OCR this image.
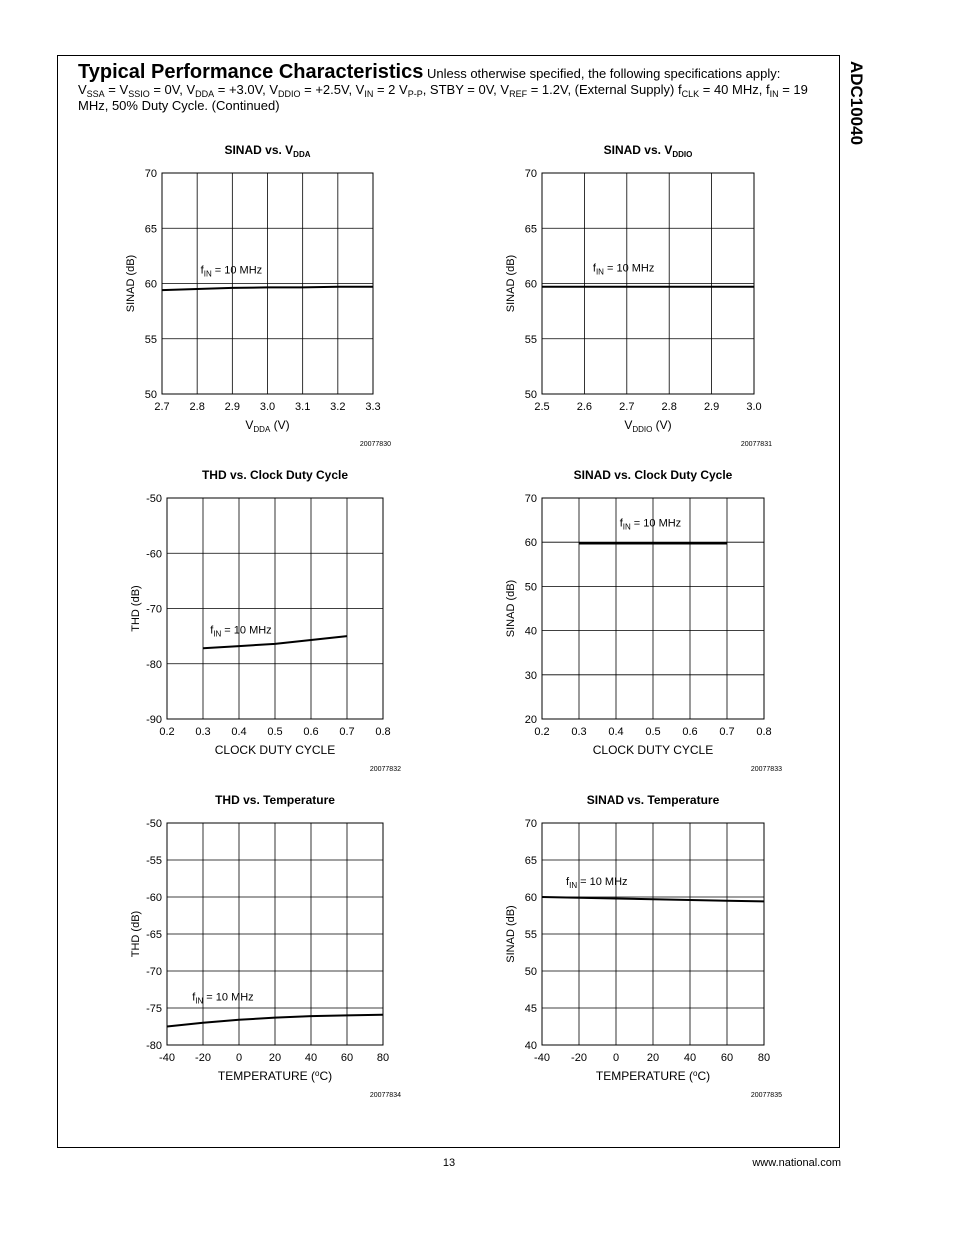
ADC10040
Typical Performance Characteristics Unless otherwise specified, the following specifications apply:
$V_{SSA} = V_{SSIO} = 0V$, $V_{DDA} = +3.0V$, $V_{DDIO} = +2.5V$, $V_{IN} = 2$ $V_{P-P}$, STBY = 0V, $V_{REF} = 1.2V$, (External Supply) $f_{CLK} = 40$ MHz, $f_{IN} = 19$ MHz, 50% Duty Cycle. (Continued)
2.7 2.8 2.9 3.0 3.1 3.2 3.3
50
55
60
65
70
SINAD vs. $V_{DDA}$
$V_{DDA}$ (V)
SINAD (dB)	$f_{IN} = 10$ MHz
20077830
2.5 2.6 2.7 2.8 2.9 3.0
50
55
60
65
70
SINAD vs. $V_{DDIO}$
$V_{DDIO}$ (V)
SINAD (dB)	$f_{IN} = 10$ MHz
20077831
0.2 0.3 0.4 0.5 0.6 0.7 0.8
-90
-80
-70
-60
-50
THD vs. Clock Duty Cycle
CLOCK DUTY CYCLE
THD (dB)	$f_{IN} = 10$ MHz
20077832
0.2 0.3 0.4 0.5 0.6 0.7 0.8
20
30
40
50
60
70
SINAD vs. Clock Duty Cycle
CLOCK DUTY CYCLE
SINAD (dB)
$f_{IN} = 10$ MHz
20077833
-40 -20 0 20 40 60 80
-80
-75
-70
-65
-60
-55
-50
THD vs. Temperature
TEMPERATURE ($^o$C)
THD (dB)
$f_{IN} = 10$ MHz
20077834
-40 -20 0	20 40 60 80
40
45
50
55
60
65
70
SINAD vs. Temperature
TEMPERATURE ($^o$C)
SINAD (dB)
$f_{IN} = 10$ MHz
20077835
13	www.national.com
